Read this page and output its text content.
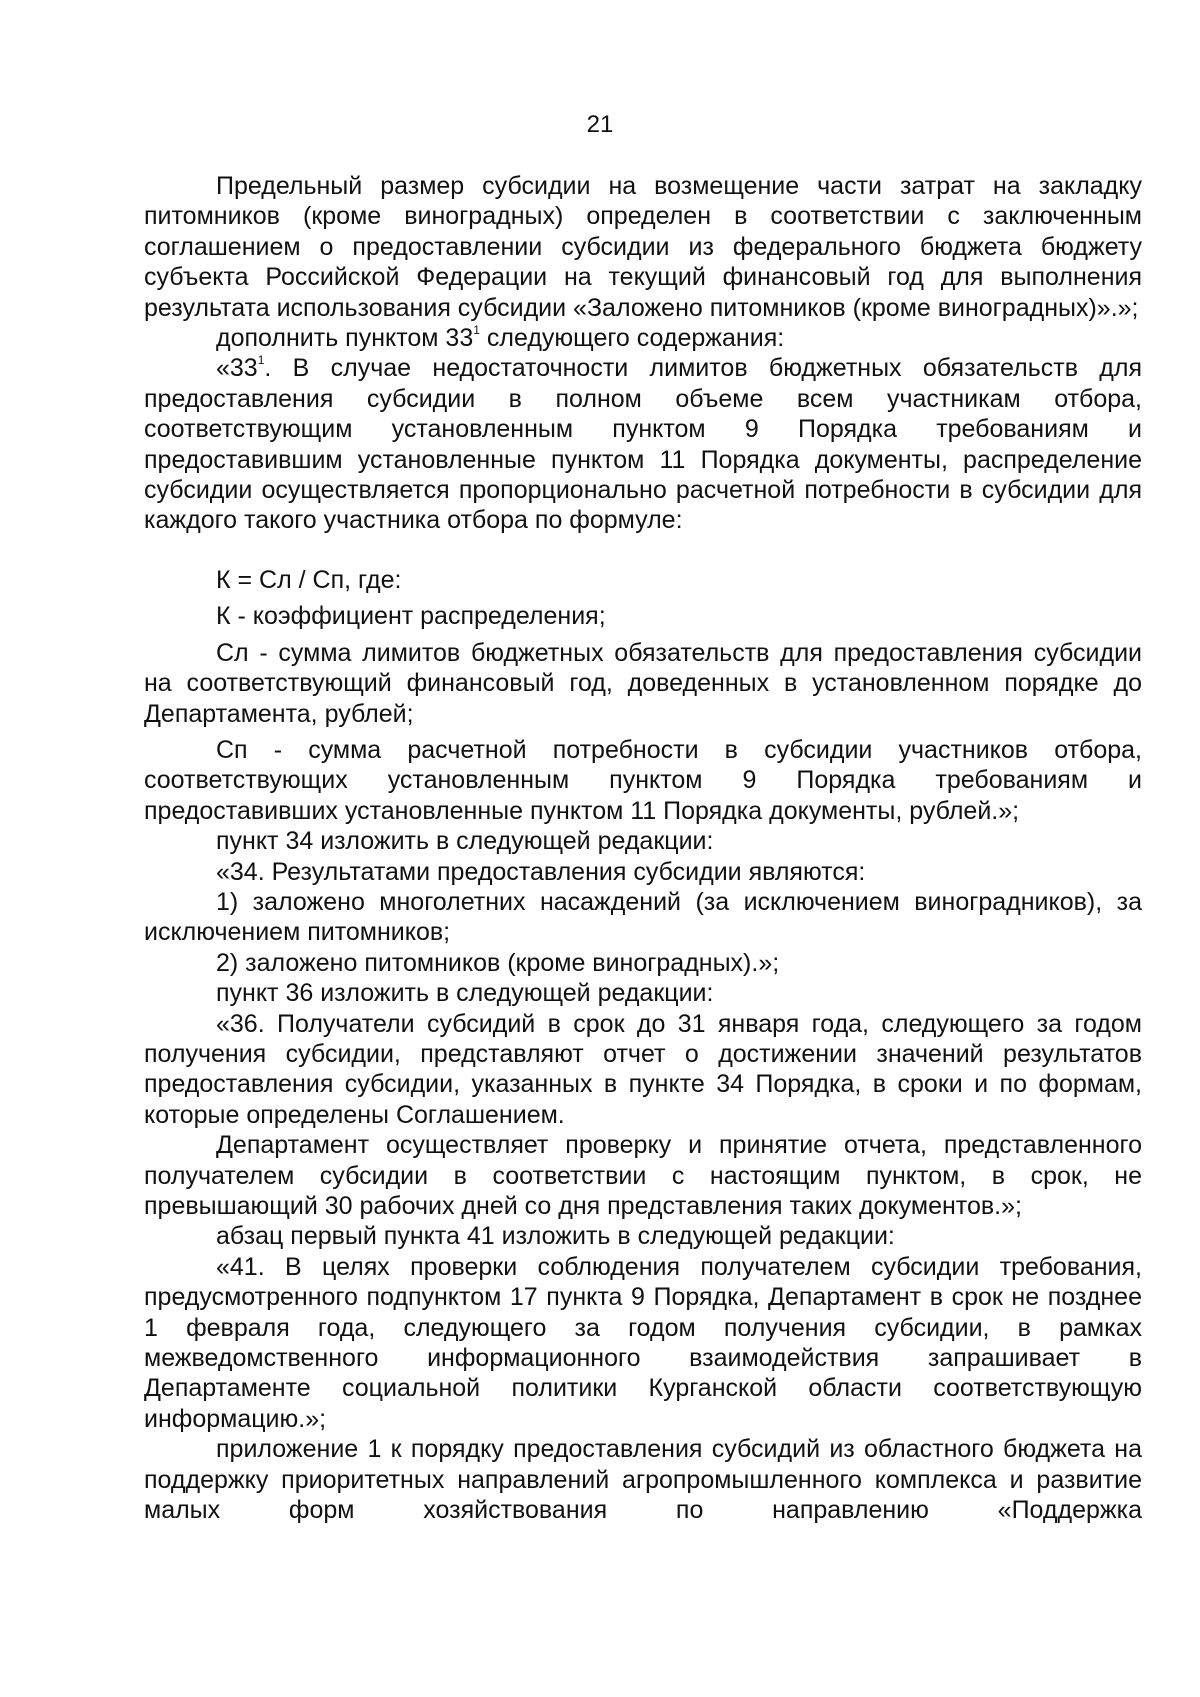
21

Предельный размер субсидии на возмещение части затрат на закладку питомников (кроме виноградных) определен в соответствии с заключенным соглашением о предоставлении субсидии из федерального бюджета бюджету субъекта Российской Федерации на текущий финансовый год для выполнения результата использования субсидии «Заложено питомников (кроме виноградных)».»;

дополнить пунктом $33^1$ следующего содержания:

«$33^1$. В случае недостаточности лимитов бюджетных обязательств для предоставления субсидии в полном объеме всем участникам отбора, соответствующим установленным пунктом 9 Порядка требованиям и предоставившим установленные пунктом 11 Порядка документы, распределение субсидии осуществляется пропорционально расчетной потребности в субсидии для каждого такого участника отбора по формуле:

К = Сл / Сп, где:

К - коэффициент распределения;

Сл - сумма лимитов бюджетных обязательств для предоставления субсидии на соответствующий финансовый год, доведенных в установленном порядке до Департамента, рублей;

Сп - сумма расчетной потребности в субсидии участников отбора, соответствующих установленным пунктом 9 Порядка требованиям и предоставивших установленные пунктом 11 Порядка документы, рублей.»;

пункт 34 изложить в следующей редакции:

«34. Результатами предоставления субсидии являются:

1) заложено многолетних насаждений (за исключением виноградников), за исключением питомников;

2) заложено питомников (кроме виноградных).»;

пункт 36 изложить в следующей редакции:

«36. Получатели субсидий в срок до 31 января года, следующего за годом получения субсидии, представляют отчет о достижении значений результатов предоставления субсидии, указанных в пункте 34 Порядка, в сроки и по формам, которые определены Соглашением.

Департамент осуществляет проверку и принятие отчета, представленного получателем субсидии в соответствии с настоящим пунктом, в срок, не превышающий 30 рабочих дней со дня представления таких документов.»;

абзац первый пункта 41 изложить в следующей редакции:

«41. В целях проверки соблюдения получателем субсидии требования, предусмотренного подпунктом 17 пункта 9 Порядка, Департамент в срок не позднее 1 февраля года, следующего за годом получения субсидии, в рамках межведомственного информационного взаимодействия запрашивает в Департаменте социальной политики Курганской области соответствующую информацию.»;

приложение 1 к порядку предоставления субсидий из областного бюджета на поддержку приоритетных направлений агропромышленного комплекса и развитие малых форм хозяйствования по направлению «Поддержка
